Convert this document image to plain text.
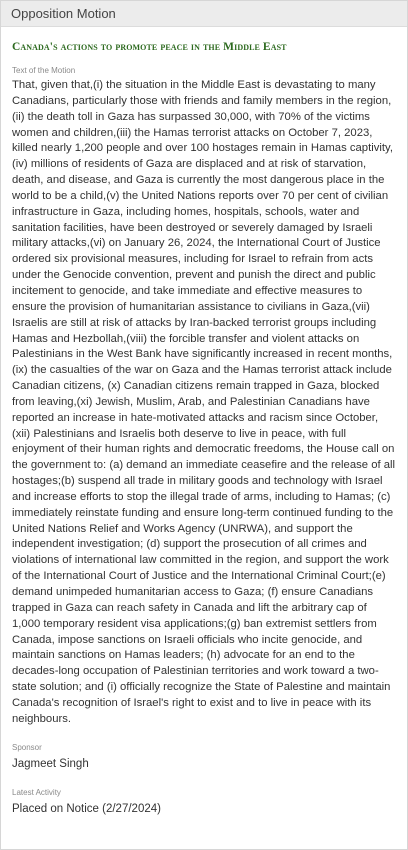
Opposition Motion
Canada's actions to promote peace in the Middle East
Text of the Motion
That, given that,(i) the situation in the Middle East is devastating to many Canadians, particularly those with friends and family members in the region,(ii) the death toll in Gaza has surpassed 30,000, with 70% of the victims women and children,(iii) the Hamas terrorist attacks on October 7, 2023, killed nearly 1,200 people and over 100 hostages remain in Hamas captivity,(iv) millions of residents of Gaza are displaced and at risk of starvation, death, and disease, and Gaza is currently the most dangerous place in the world to be a child,(v) the United Nations reports over 70 per cent of civilian infrastructure in Gaza, including homes, hospitals, schools, water and sanitation facilities, have been destroyed or severely damaged by Israeli military attacks,(vi) on January 26, 2024, the International Court of Justice ordered six provisional measures, including for Israel to refrain from acts under the Genocide convention, prevent and punish the direct and public incitement to genocide, and take immediate and effective measures to ensure the provision of humanitarian assistance to civilians in Gaza,(vii) Israelis are still at risk of attacks by Iran-backed terrorist groups including Hamas and Hezbollah,(viii) the forcible transfer and violent attacks on Palestinians in the West Bank have significantly increased in recent months,(ix) the casualties of the war on Gaza and the Hamas terrorist attack include Canadian citizens, (x) Canadian citizens remain trapped in Gaza, blocked from leaving,(xi) Jewish, Muslim, Arab, and Palestinian Canadians have reported an increase in hate-motivated attacks and racism since October, (xii) Palestinians and Israelis both deserve to live in peace, with full enjoyment of their human rights and democratic freedoms, the House call on the government to: (a) demand an immediate ceasefire and the release of all hostages;(b) suspend all trade in military goods and technology with Israel and increase efforts to stop the illegal trade of arms, including to Hamas; (c) immediately reinstate funding and ensure long-term continued funding to the United Nations Relief and Works Agency (UNRWA), and support the independent investigation; (d) support the prosecution of all crimes and violations of international law committed in the region, and support the work of the International Court of Justice and the International Criminal Court;(e) demand unimpeded humanitarian access to Gaza; (f) ensure Canadians trapped in Gaza can reach safety in Canada and lift the arbitrary cap of 1,000 temporary resident visa applications;(g) ban extremist settlers from Canada, impose sanctions on Israeli officials who incite genocide, and maintain sanctions on Hamas leaders; (h) advocate for an end to the decades-long occupation of Palestinian territories and work toward a two-state solution; and (i) officially recognize the State of Palestine and maintain Canada's recognition of Israel's right to exist and to live in peace with its neighbours.
Sponsor
Jagmeet Singh
Latest Activity
Placed on Notice (2/27/2024)
